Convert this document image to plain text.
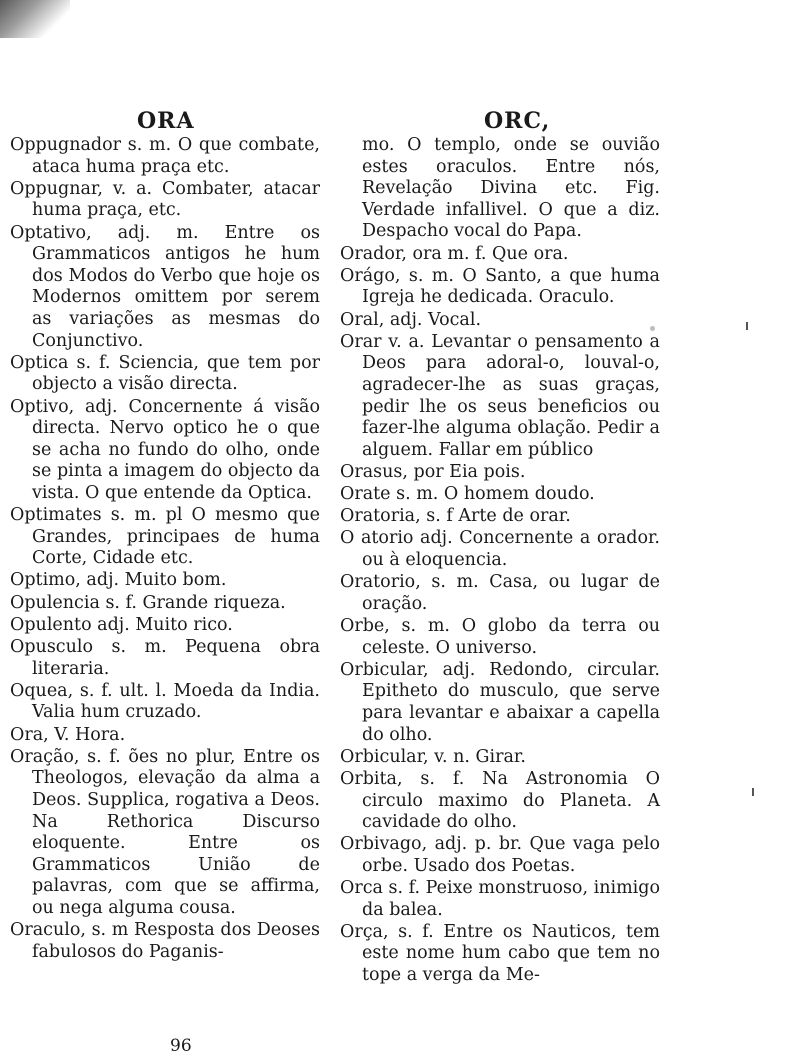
ORA	ORC,

Oppugnador s. m. O que combate, ataca huma praça etc.

Oppugnar, v. a. Combater, atacar huma praça, etc.

Optativo, adj. m. Entre os Grammaticos antigos he hum dos Modos do Verbo que hoje os Modernos omittem por serem as variações as mesmas do Conjunctivo.

Optica s. f. Sciencia, que tem por objecto a visão directa.

Optivo, adj. Concernente á visão directa. Nervo optico he o que se acha no fundo do olho, onde se pinta a imagem do objecto da vista. O que entende da Optica.

Optimates s. m. pl O mesmo que Grandes, principaes de huma Corte, Cidade etc.

Optimo, adj. Muito bom.

Opulencia s. f. Grande riqueza.

Opulento adj. Muito rico.

Opusculo s. m. Pequena obra literaria.

Oquea, s. f. ult. l. Moeda da India. Valia hum cruzado.

Ora, V. Hora.

Oração, s. f. ões no plur, Entre os Theologos, elevação da alma a Deos. Supplica, rogativa a Deos. Na Rethorica Discurso eloquente. Entre os Grammaticos União de palavras, com que se affirma, ou nega alguma cousa.

Oraculo, s. m Resposta dos Deoses fabulosos do Paganis-

mo. O templo, onde se ouvião estes oraculos. Entre nós, Revelação Divina etc. Fig. Verdade infallivel. O que a diz. Despacho vocal do Papa.

Orador, ora m. f. Que ora.

Orágo, s. m. O Santo, a que huma Igreja he dedicada. Oraculo.

Oral, adj. Vocal.

Orar v. a. Levantar o pensamento a Deos para adoral-o, louval-o, agradecer-lhe as suas graças, pedir lhe os seus beneficios ou fazer-lhe alguma oblação. Pedir a alguem. Fallar em público

Orasus, por Eia pois.

Orate s. m. O homem doudo.

Oratoria, s. f Arte de orar.

O atorio adj. Concernente a orador. ou à eloquencia.

Oratorio, s. m. Casa, ou lugar de oração.

Orbe, s. m. O globo da terra ou celeste. O universo.

Orbicular, adj. Redondo, circular. Epitheto do musculo, que serve para levantar e abaixar a capella do olho.

Orbicular, v. n. Girar.

Orbita, s. f. Na Astronomia O circulo maximo do Planeta. A cavidade do olho.

Orbivago, adj. p. br. Que vaga pelo orbe. Usado dos Poetas.

Orca s. f. Peixe monstruoso, inimigo da balea.

Orça, s. f. Entre os Nauticos, tem este nome hum cabo que tem no tope a verga da Me-

96
